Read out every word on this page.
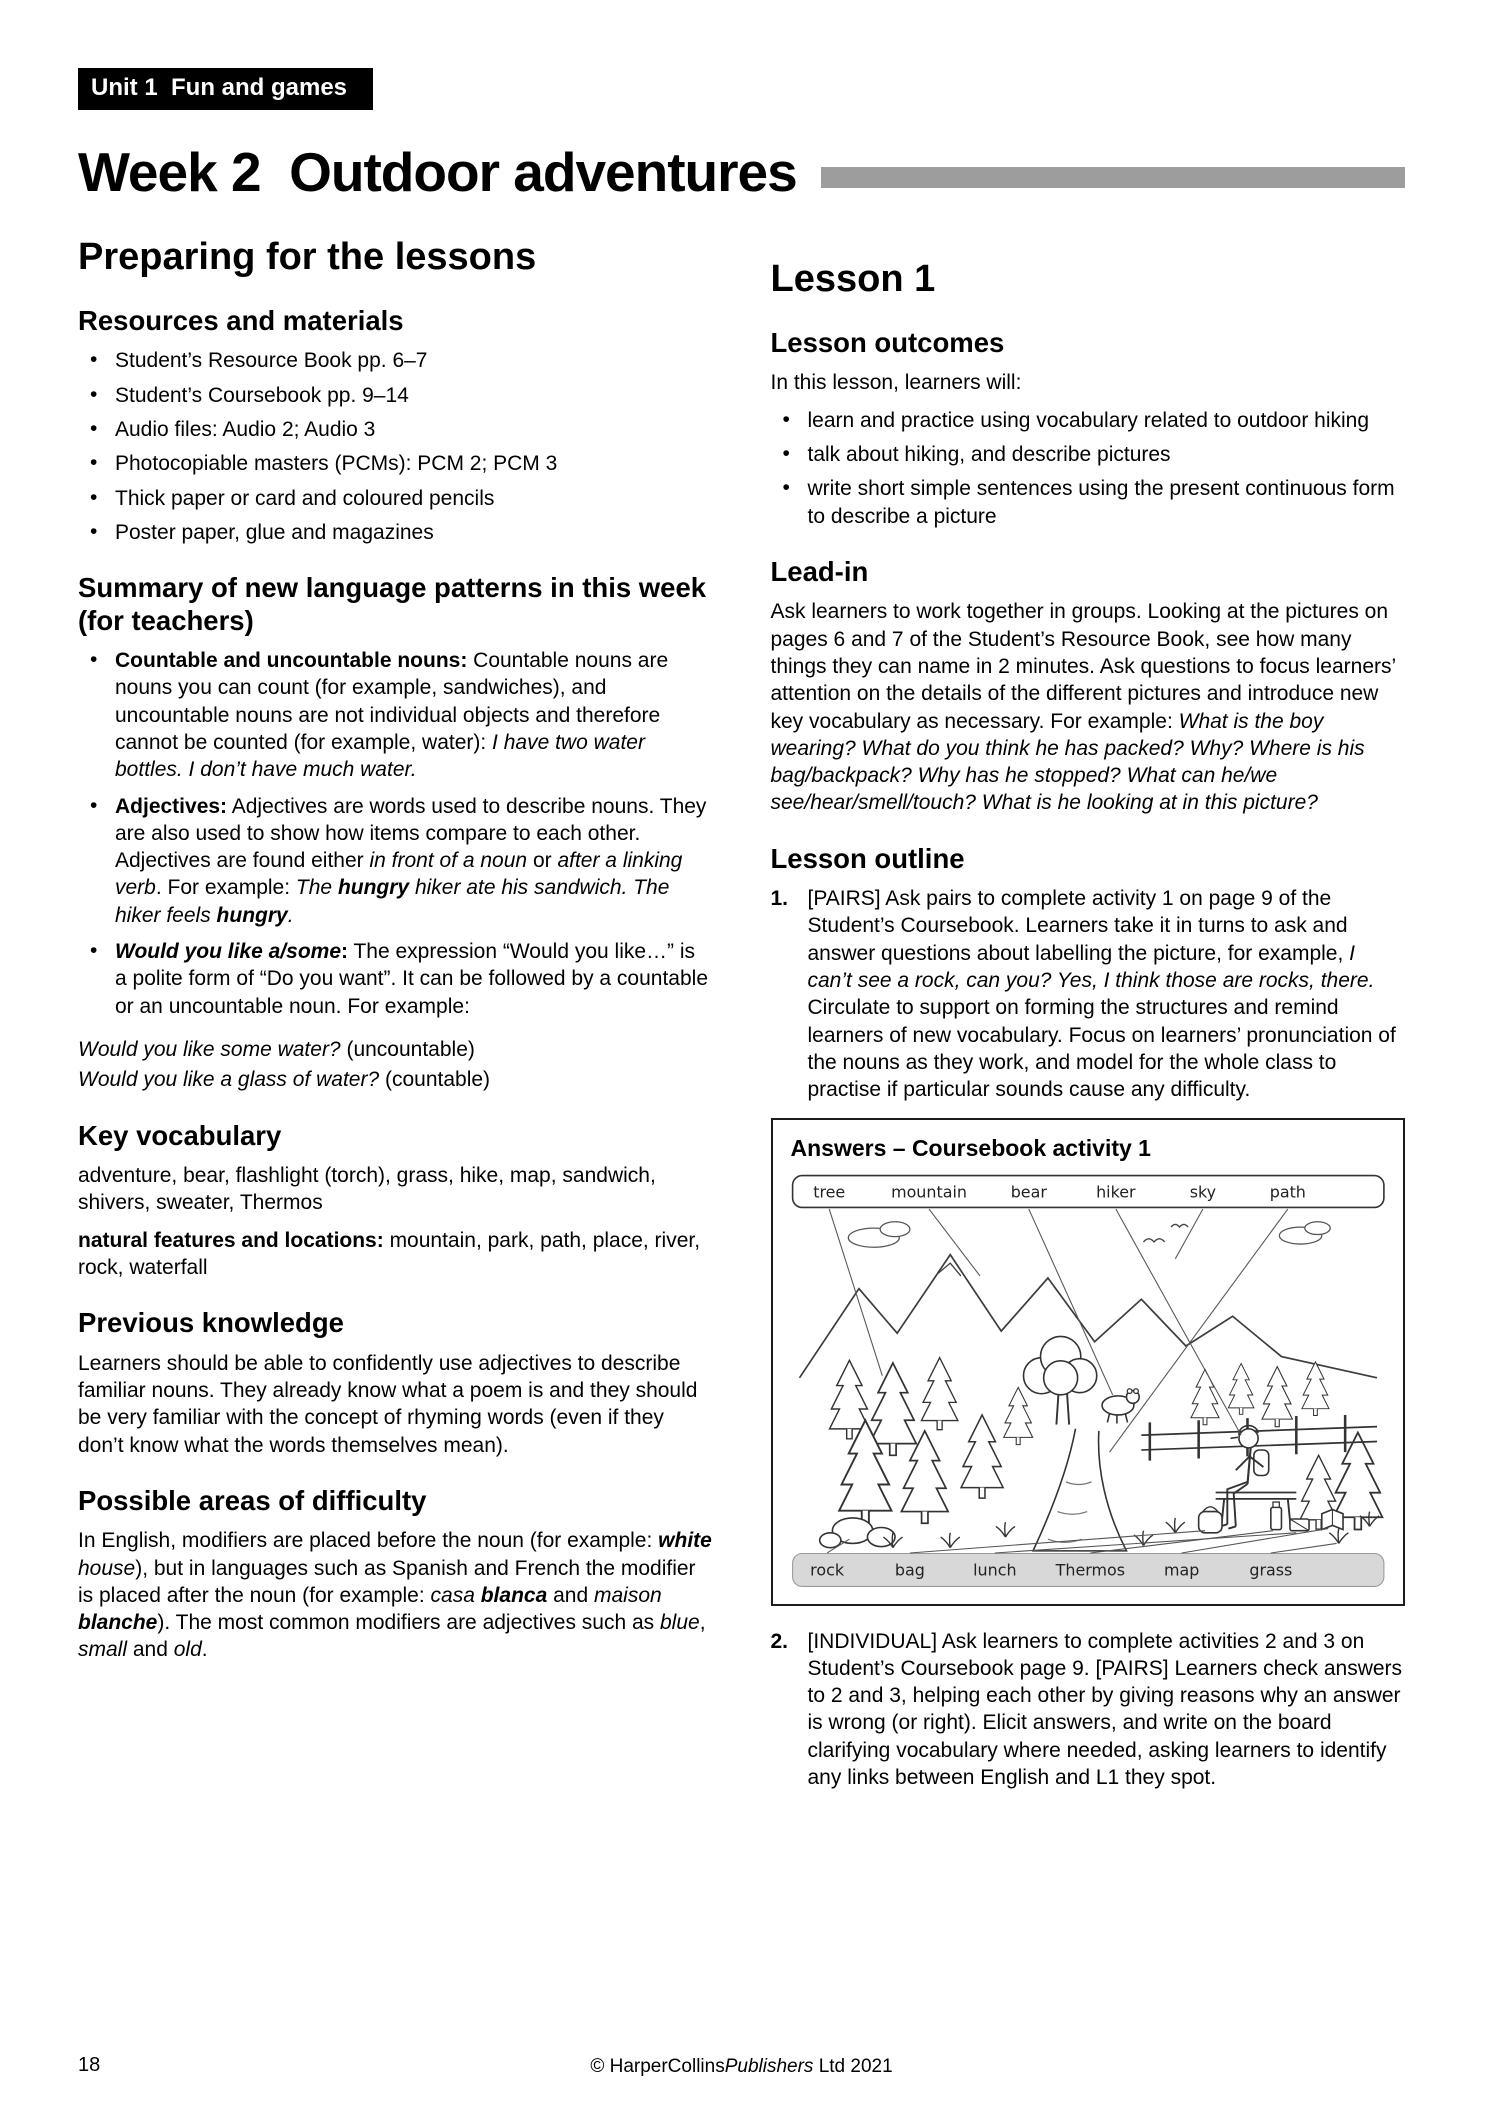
Unit 1  Fun and games
Week 2  Outdoor adventures
Preparing for the lessons
Resources and materials
• Student’s Resource Book pp. 6–7
• Student’s Coursebook pp. 9–14
• Audio files: Audio 2; Audio 3
• Photocopiable masters (PCMs): PCM 2; PCM 3
• Thick paper or card and coloured pencils
• Poster paper, glue and magazines
Summary of new language patterns in this week (for teachers)
• Countable and uncountable nouns: Countable nouns are nouns you can count (for example, sandwiches), and uncountable nouns are not individual objects and therefore cannot be counted (for example, water): I have two water bottles. I don’t have much water.
• Adjectives: Adjectives are words used to describe nouns. They are also used to show how items compare to each other. Adjectives are found either in front of a noun or after a linking verb. For example: The hungry hiker ate his sandwich. The hiker feels hungry.
• Would you like a/some: The expression “Would you like…” is a polite form of “Do you want”. It can be followed by a countable or an uncountable noun. For example:

Would you like some water? (uncountable)

Would you like a glass of water? (countable)

Key vocabulary

adventure, bear, flashlight (torch), grass, hike, map, sandwich, shivers, sweater, Thermos

natural features and locations: mountain, park, path, place, river, rock, waterfall

Previous knowledge

Learners should be able to confidently use adjectives to describe familiar nouns. They already know what a poem is and they should be very familiar with the concept of rhyming words (even if they don’t know what the words themselves mean).

Possible areas of difficulty

In English, modifiers are placed before the noun (for example: white house), but in languages such as Spanish and French the modifier is placed after the noun (for example: casa blanca and maison blanche). The most common modifiers are adjectives such as blue, small and old.

Lesson 1
Lesson outcomes

In this lesson, learners will:

• learn and practice using vocabulary related to outdoor hiking
• talk about hiking, and describe pictures
• write short simple sentences using the present continuous form to describe a picture
Lead-in

Ask learners to work together in groups. Looking at the pictures on pages 6 and 7 of the Student’s Resource Book, see how many things they can name in 2 minutes. Ask questions to focus learners’ attention on the details of the different pictures and introduce new key vocabulary as necessary. For example: What is the boy wearing? What do you think he has packed? Why? Where is his bag/backpack? Why has he stopped? What can he/we see/hear/smell/touch? What is he looking at in this picture?

Lesson outline
1. [PAIRS] Ask pairs to complete activity 1 on page 9 of the Student’s Coursebook. Learners take it in turns to ask and answer questions about labelling the picture, for example, I can’t see a rock, can you? Yes, I think those are rocks, there. Circulate to support on forming the structures and remind learners of new vocabulary. Focus on learners’ pronunciation of the nouns as they work, and model for the whole class to practise if particular sounds cause any difficulty.
Answers – Coursebook activity 1
tree	mountain	bear	hiker	sky	path
rock	bag	lunch	Thermos	map	grass
2. [INDIVIDUAL] Ask learners to complete activities 2 and 3 on Student’s Coursebook page 9. [PAIRS] Learners check answers to 2 and 3, helping each other by giving reasons why an answer is wrong (or right). Elicit answers, and write on the board clarifying vocabulary where needed, asking learners to identify any links between English and L1 they spot.
18	© HarperCollinsPublishers Ltd 2021
